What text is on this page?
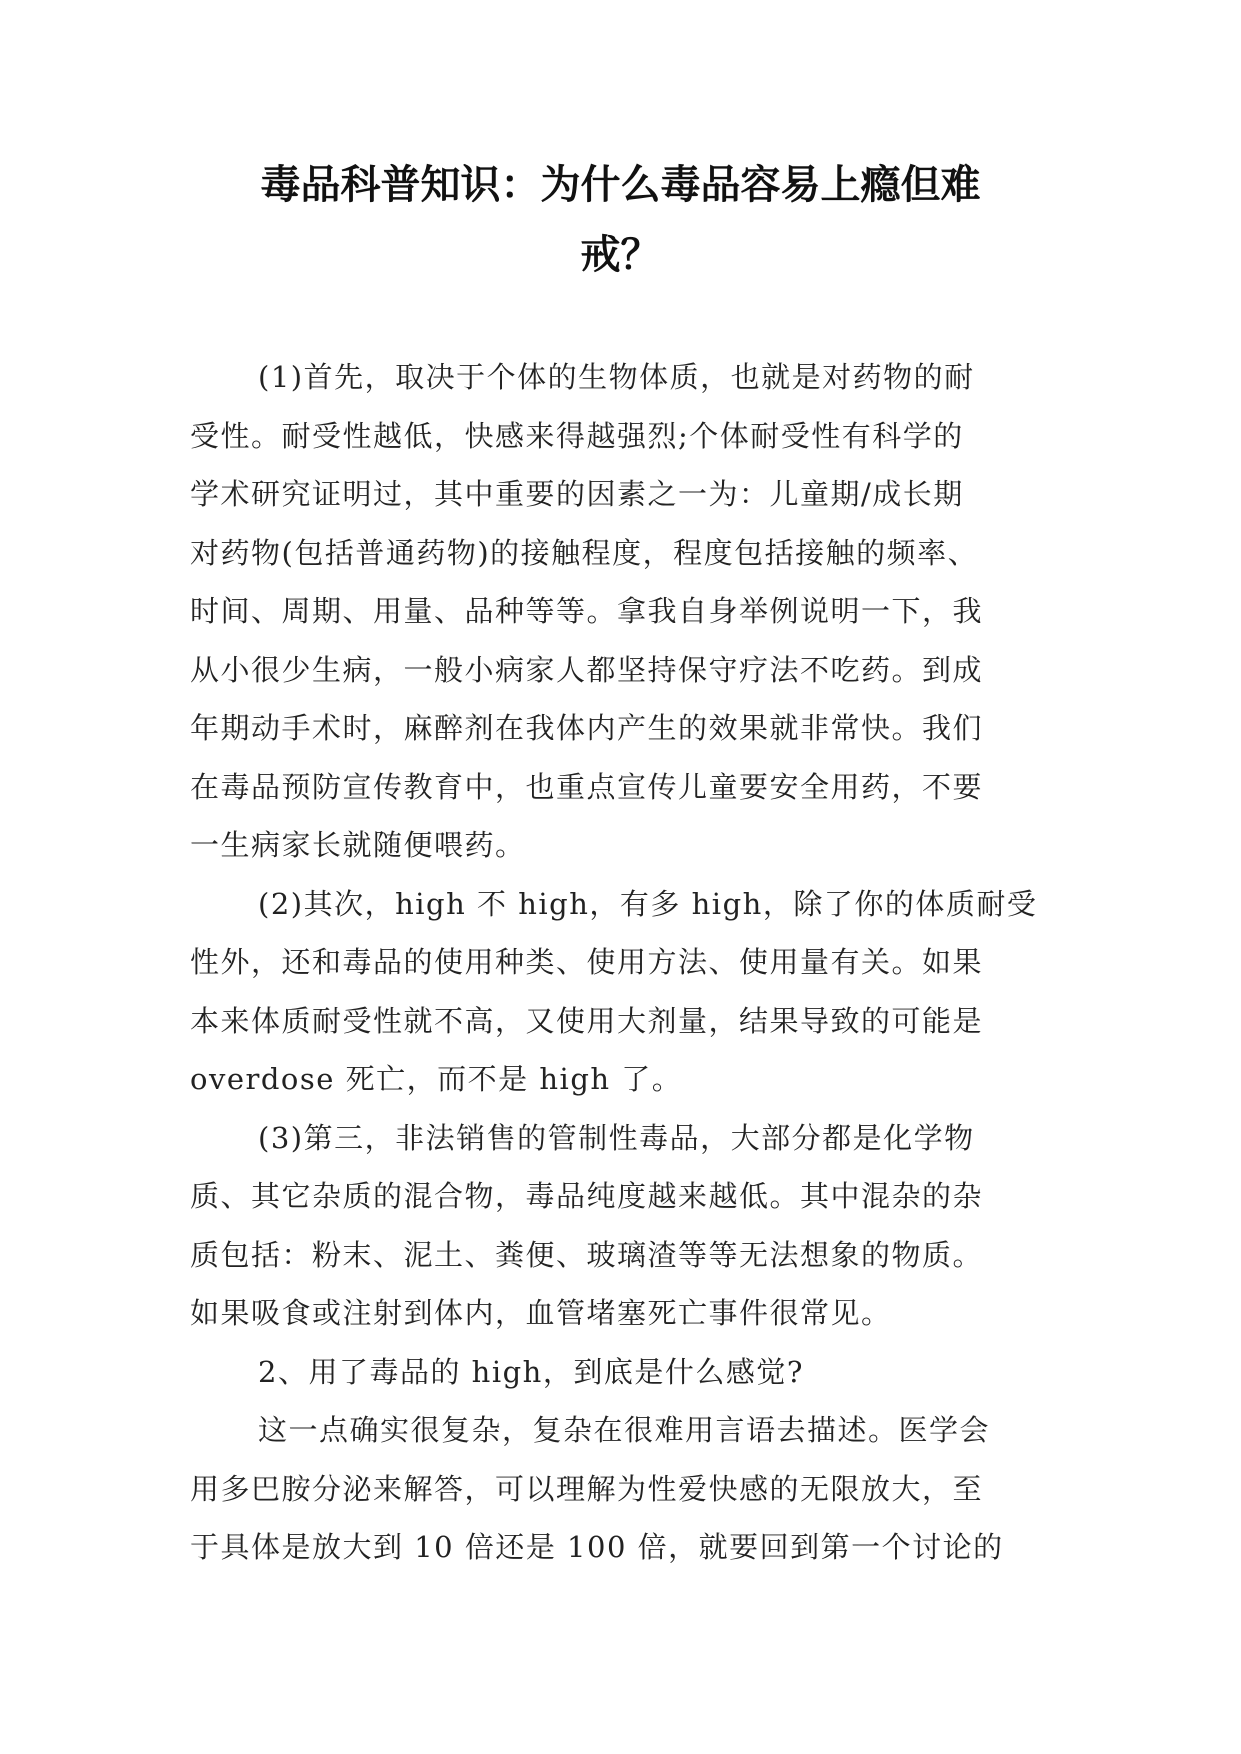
毒品科普知识：为什么毒品容易上瘾但难
戒？
(1)首先，取决于个体的生物体质，也就是对药物的耐
受性。耐受性越低，快感来得越强烈;个体耐受性有科学的
学术研究证明过，其中重要的因素之一为：儿童期/成长期
对药物(包括普通药物)的接触程度，程度包括接触的频率、
时间、周期、用量、品种等等。拿我自身举例说明一下，我
从小很少生病，一般小病家人都坚持保守疗法不吃药。到成
年期动手术时，麻醉剂在我体内产生的效果就非常快。我们
在毒品预防宣传教育中，也重点宣传儿童要安全用药，不要
一生病家长就随便喂药。
(2)其次，high 不 high，有多 high，除了你的体质耐受
性外，还和毒品的使用种类、使用方法、使用量有关。如果
本来体质耐受性就不高，又使用大剂量，结果导致的可能是
overdose 死亡，而不是 high 了。
(3)第三，非法销售的管制性毒品，大部分都是化学物
质、其它杂质的混合物，毒品纯度越来越低。其中混杂的杂
质包括：粉末、泥土、粪便、玻璃渣等等无法想象的物质。
如果吸食或注射到体内，血管堵塞死亡事件很常见。
2、用了毒品的 high，到底是什么感觉?
这一点确实很复杂，复杂在很难用言语去描述。医学会
用多巴胺分泌来解答，可以理解为性爱快感的无限放大，至
于具体是放大到 10 倍还是 100 倍，就要回到第一个讨论的
